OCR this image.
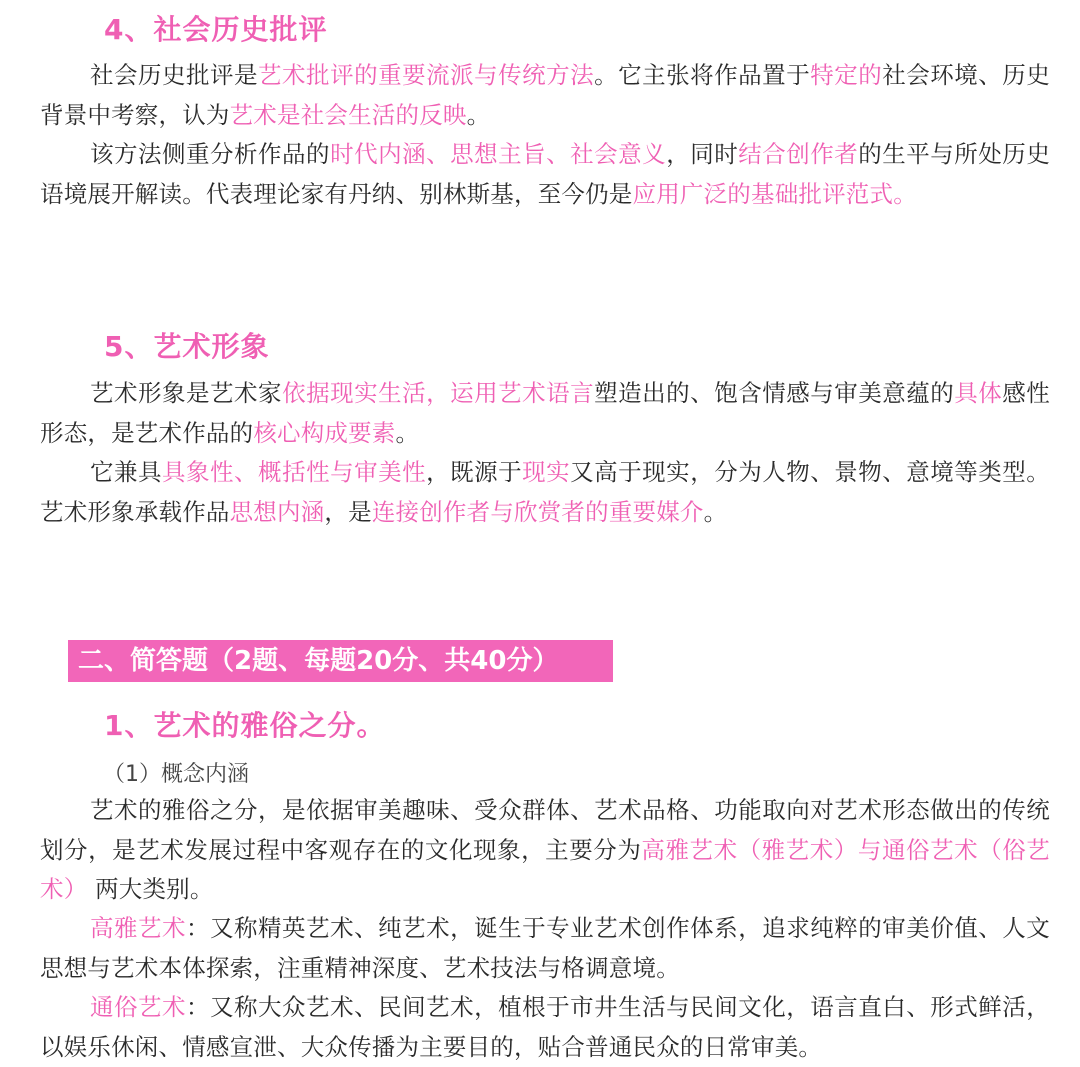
4、社会历史批评
社会历史批评是艺术批评的重要流派与传统方法。它主张将作品置于特定的社会环境、历史背景中考察，认为艺术是社会生活的反映。
该方法侧重分析作品的时代内涵、思想主旨、社会意义，同时结合创作者的生平与所处历史语境展开解读。代表理论家有丹纳、别林斯基，至今仍是应用广泛的基础批评范式。
5、艺术形象
艺术形象是艺术家依据现实生活，运用艺术语言塑造出的、饱含情感与审美意蕴的具体感性形态，是艺术作品的核心构成要素。
它兼具具象性、概括性与审美性，既源于现实又高于现实，分为人物、景物、意境等类型。艺术形象承载作品思想内涵，是连接创作者与欣赏者的重要媒介。
二、简答题（2题、每题20分、共40分）
1、艺术的雅俗之分。
（1）概念内涵
艺术的雅俗之分，是依据审美趣味、受众群体、艺术品格、功能取向对艺术形态做出的传统划分，是艺术发展过程中客观存在的文化现象，主要分为高雅艺术（雅艺术）与通俗艺术（俗艺术） 两大类别。
高雅艺术：又称精英艺术、纯艺术，诞生于专业艺术创作体系，追求纯粹的审美价值、人文思想与艺术本体探索，注重精神深度、艺术技法与格调意境。
通俗艺术：又称大众艺术、民间艺术，植根于市井生活与民间文化，语言直白、形式鲜活，以娱乐休闲、情感宣泄、大众传播为主要目的，贴合普通民众的日常审美。
